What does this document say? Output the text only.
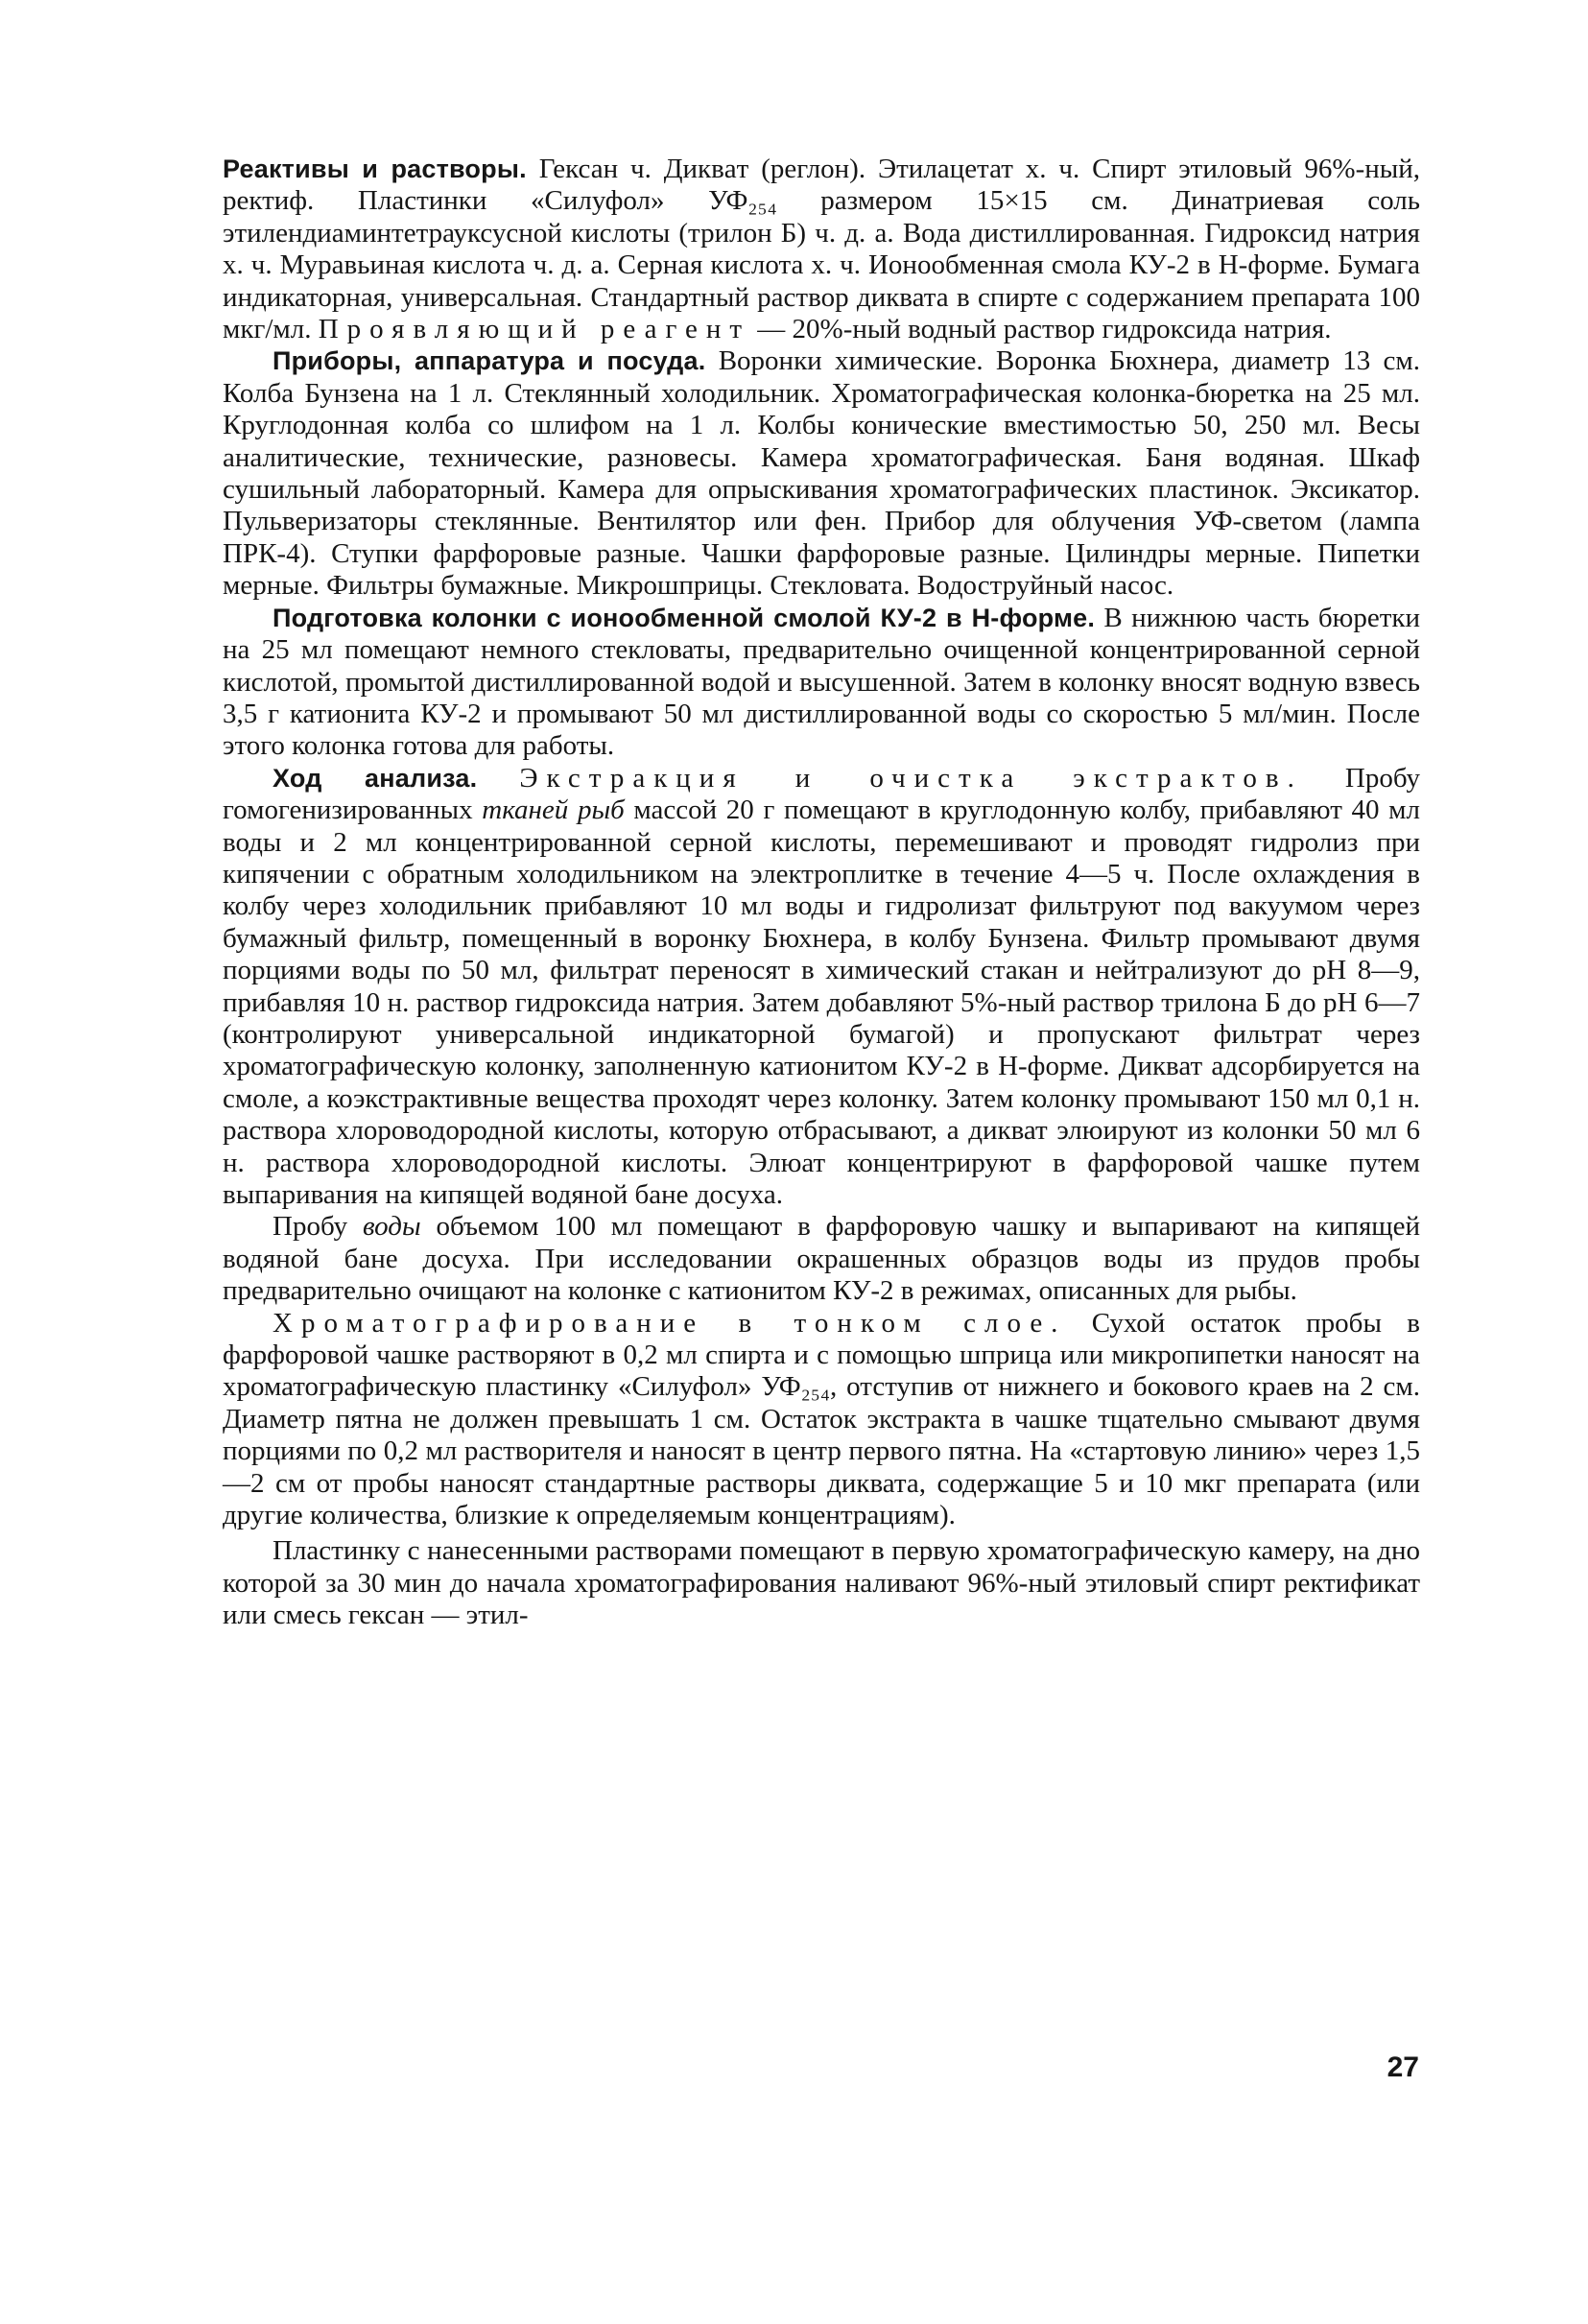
Реактивы и растворы. Гексан ч. Диквaт (реглон). Этилацетат х. ч. Спирт этиловый 96%-ный, ректиф. Пластинки «Силуфол» УФ₂₅₄ размером 15×15 см. Динатриевая соль этилендиаминтетрауксусной кислоты (трилон Б) ч. д. а. Вода дистиллированная. Гидроксид натрия х. ч. Муравьиная кислота ч. д. а. Серная кислота х. ч. Ионообменная смола КУ-2 в Н-форме. Бумага индикаторная, универсальная. Стандартный раствор диквата в спирте с содержанием препарата 100 мкг/мл. Проявляющий реагент — 20%-ный водный раствор гидроксида натрия.

Приборы, аппаратура и посуда. Воронки химические. Воронка Бюхнера, диаметр 13 см. Колба Бунзена на 1 л. Стеклянный холодильник. Хроматографическая колонка-бюретка на 25 мл. Круглодонная колба со шлифом на 1 л. Колбы конические вместимостью 50, 250 мл. Весы аналитические, технические, разновесы. Камера хроматографическая. Баня водяная. Шкаф сушильный лабораторный. Камера для опрыскивания хроматографических пластинок. Эксикатор. Пульверизаторы стеклянные. Вентилятор или фен. Прибор для облучения УФ-светом (лампа ПРК-4). Ступки фарфоровые разные. Чашки фарфоровые разные. Цилиндры мерные. Пипетки мерные. Фильтры бумажные. Микрошприцы. Стекловата. Водоструйный насос.

Подготовка колонки с ионообменной смолой КУ-2 в Н-форме. В нижнюю часть бюретки на 25 мл помещают немного стекловаты, предварительно очищенной концентрированной серной кислотой, промытой дистиллированной водой и высушенной. Затем в колонку вносят водную взвесь 3,5 г катионита КУ-2 и промывают 50 мл дистиллированной воды со скоростью 5 мл/мин. После этого колонка готова для работы.

Ход анализа. Экстракция и очистка экстрактов. Пробу гомогенизированных тканей рыб массой 20 г помещают в круглодонную колбу, прибавляют 40 мл воды и 2 мл концентрированной серной кислоты, перемешивают и проводят гидролиз при кипячении с обратным холодильником на электроплитке в течение 4—5 ч. После охлаждения в колбу через холодильник прибавляют 10 мл воды и гидролизат фильтруют под вакуумом через бумажный фильтр, помещенный в воронку Бюхнера, в колбу Бунзена. Фильтр промывают двумя порциями воды по 50 мл, фильтрат переносят в химический стакан и нейтрализуют до pH 8—9, прибавляя 10 н. раствор гидроксида натрия. Затем добавляют 5%-ный раствор трилона Б до pH 6—7 (контролируют универсальной индикаторной бумагой) и пропускают фильтрат через хроматографическую колонку, заполненную катионитом КУ-2 в Н-форме. Дикват адсорбируется на смоле, а коэкстрактивные вещества проходят через колонку. Затем колонку промывают 150 мл 0,1 н. раствора хлороводородной кислоты, которую отбрасывают, а дикват элюируют из колонки 50 мл 6 н. раствора хлороводородной кислоты. Элюат концентрируют в фарфоровой чашке путем выпаривания на кипящей водяной бане досуха.

Пробу воды объемом 100 мл помещают в фарфоровую чашку и выпаривают на кипящей водяной бане досуха. При исследовании окрашенных образцов воды из прудов пробы предварительно очищают на колонке с катионитом КУ-2 в режимах, описанных для рыбы.

Хроматографирование в тонком слое. Сухой остаток пробы в фарфоровой чашке растворяют в 0,2 мл спирта и с помощью шприца или микропипетки наносят на хроматографическую пластинку «Силуфол» УФ₂₅₄, отступив от нижнего и бокового краев на 2 см. Диаметр пятна не должен превышать 1 см. Остаток экстракта в чашке тщательно смывают двумя порциями по 0,2 мл растворителя и наносят в центр первого пятна. На «стартовую линию» через 1,5—2 см от пробы наносят стандартные растворы диквата, содержащие 5 и 10 мкг препарата (или другие количества, близкие к определяемым концентрациям).

Пластинку с нанесенными растворами помещают в первую хроматографическую камеру, на дно которой за 30 мин до начала хроматографирования наливают 96%-ный этиловый спирт ректификат или смесь гексан — этил-

27
